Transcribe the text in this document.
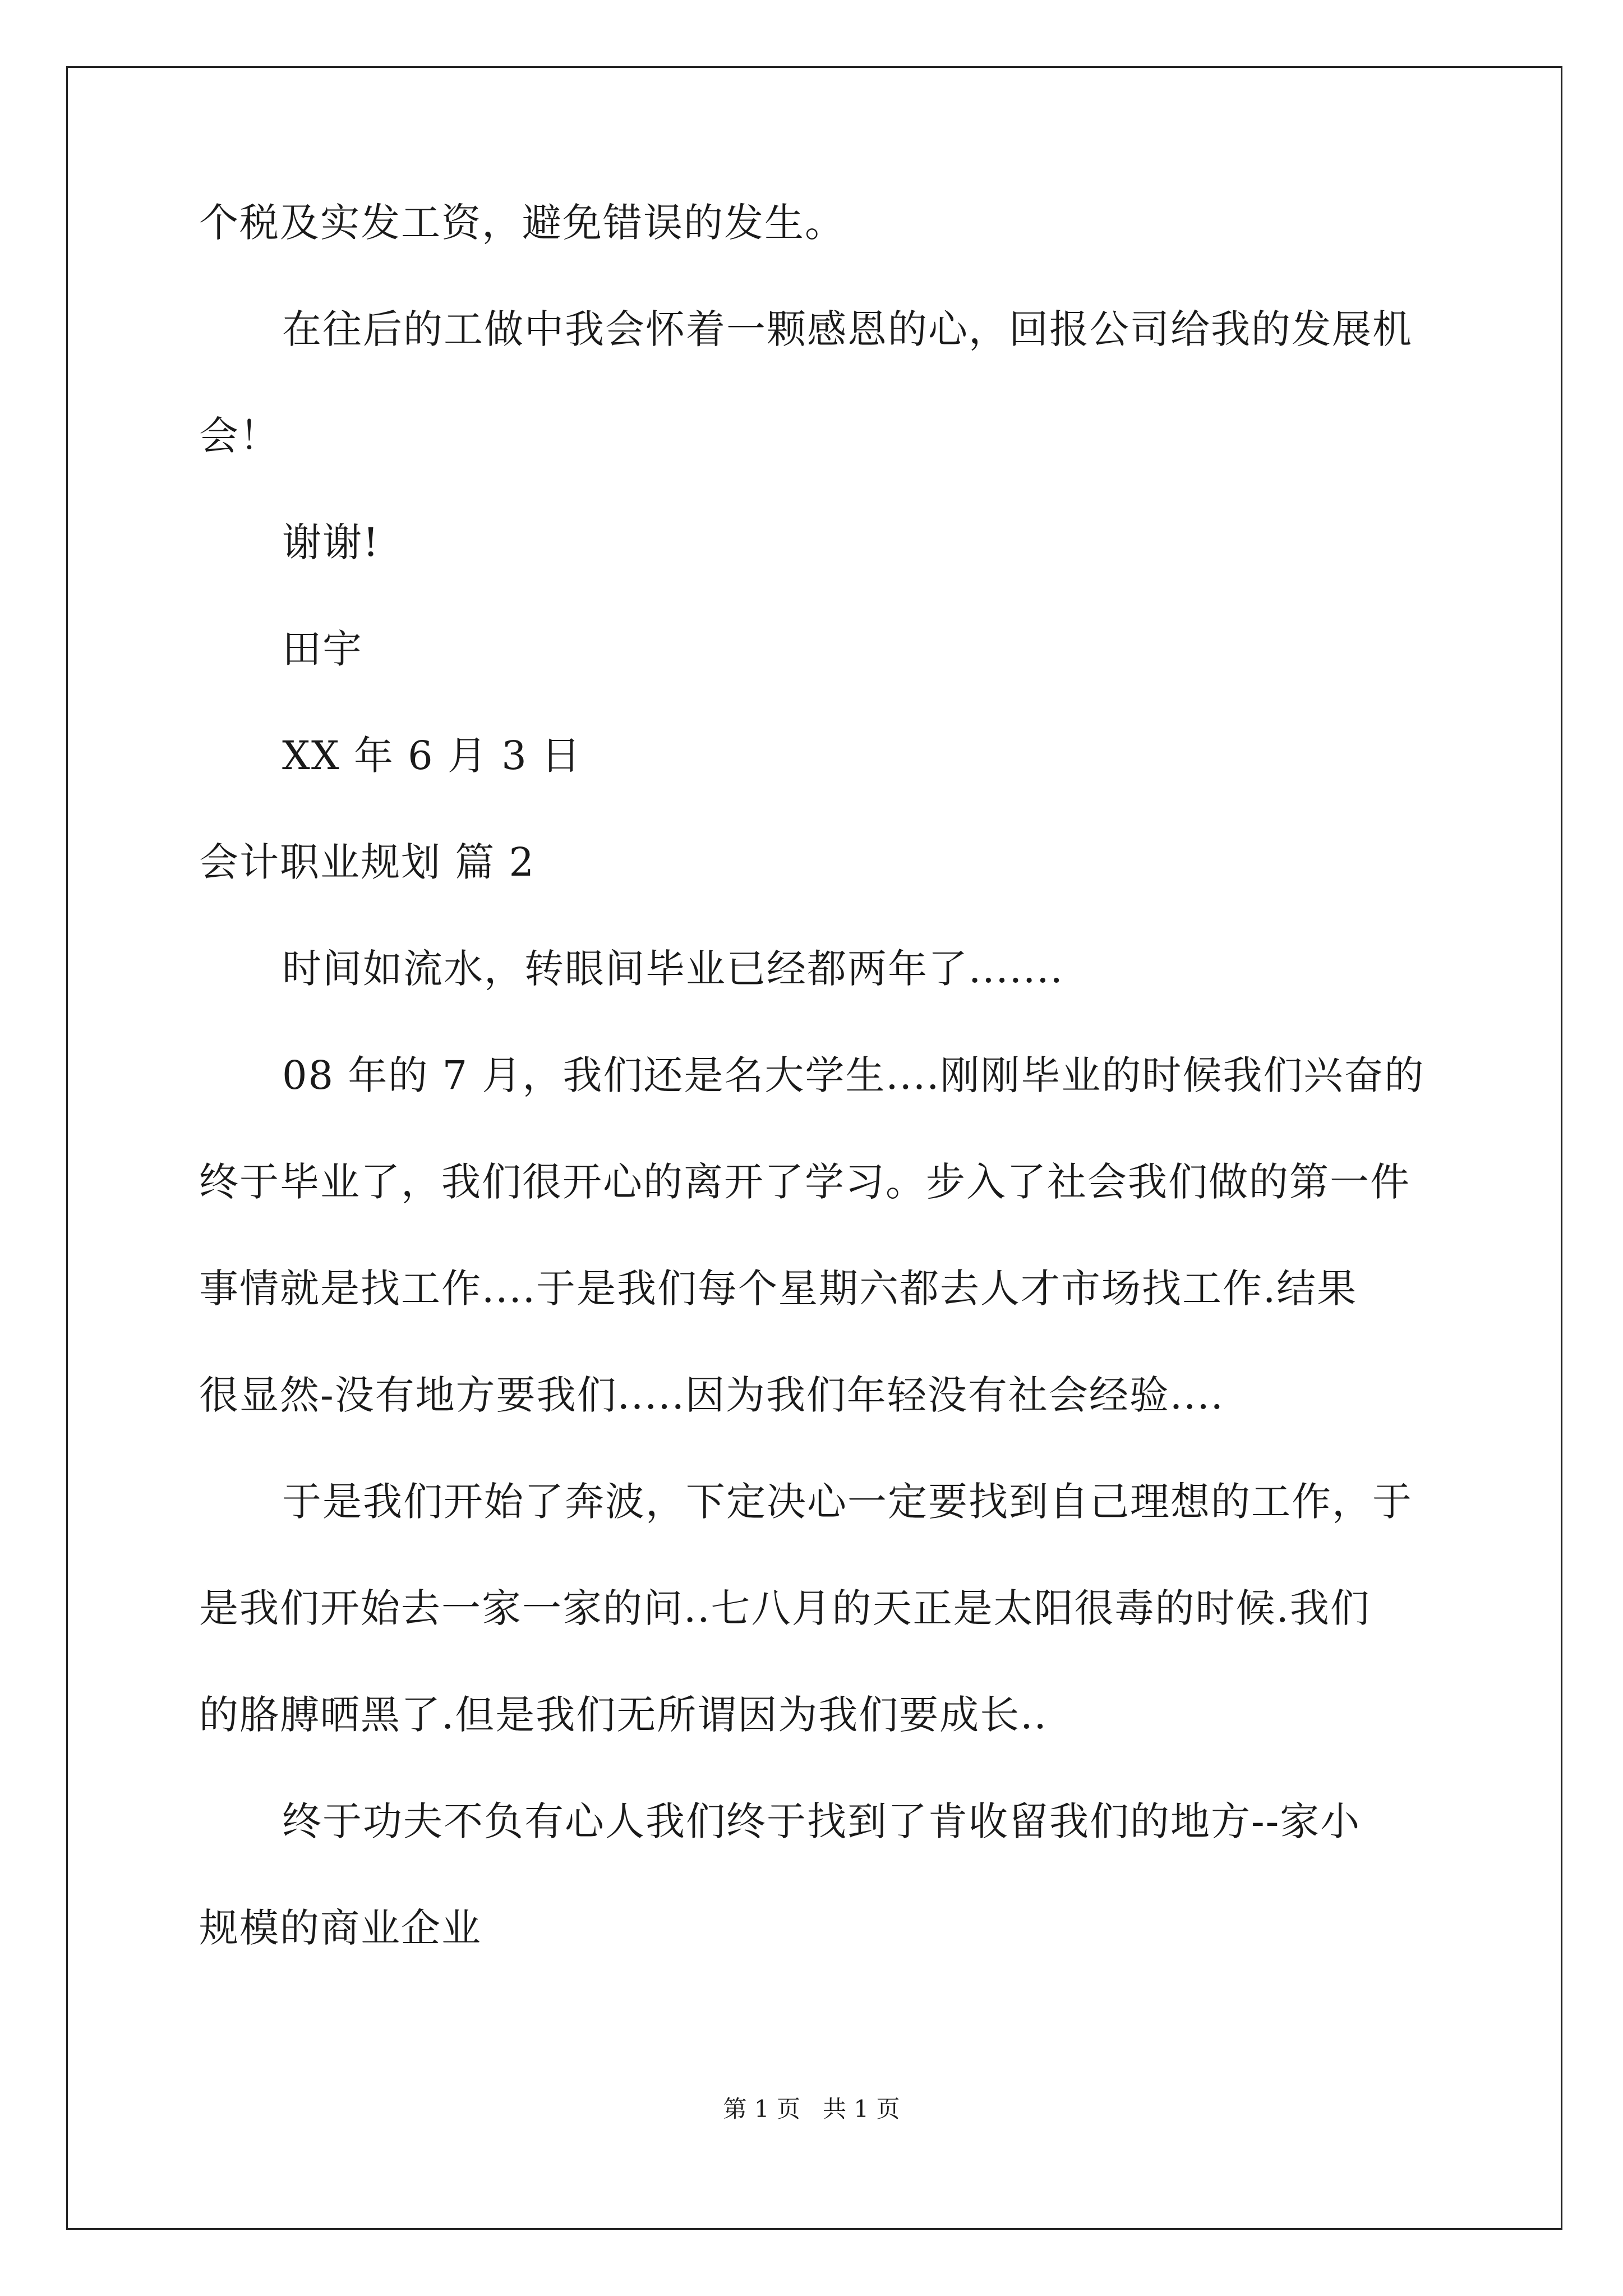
个税及实发工资，避免错误的发生。
在往后的工做中我会怀着一颗感恩的心，回报公司给我的发展机
会！
谢谢!
田宇
XX 年 6 月 3 日
会计职业规划 篇 2
时间如流水，转眼间毕业已经都两年了.......
08 年的 7 月，我们还是名大学生....刚刚毕业的时候我们兴奋的
终于毕业了，我们很开心的离开了学习。步入了社会我们做的第一件
事情就是找工作....于是我们每个星期六都去人才市场找工作.结果
很显然-没有地方要我们.....因为我们年轻没有社会经验....
于是我们开始了奔波，下定决心一定要找到自己理想的工作，于
是我们开始去一家一家的问..七八月的天正是太阳很毒的时候.我们
的胳膊晒黑了.但是我们无所谓因为我们要成长..
终于功夫不负有心人我们终于找到了肯收留我们的地方--家小
规模的商业企业
第 1 页   共 1 页
